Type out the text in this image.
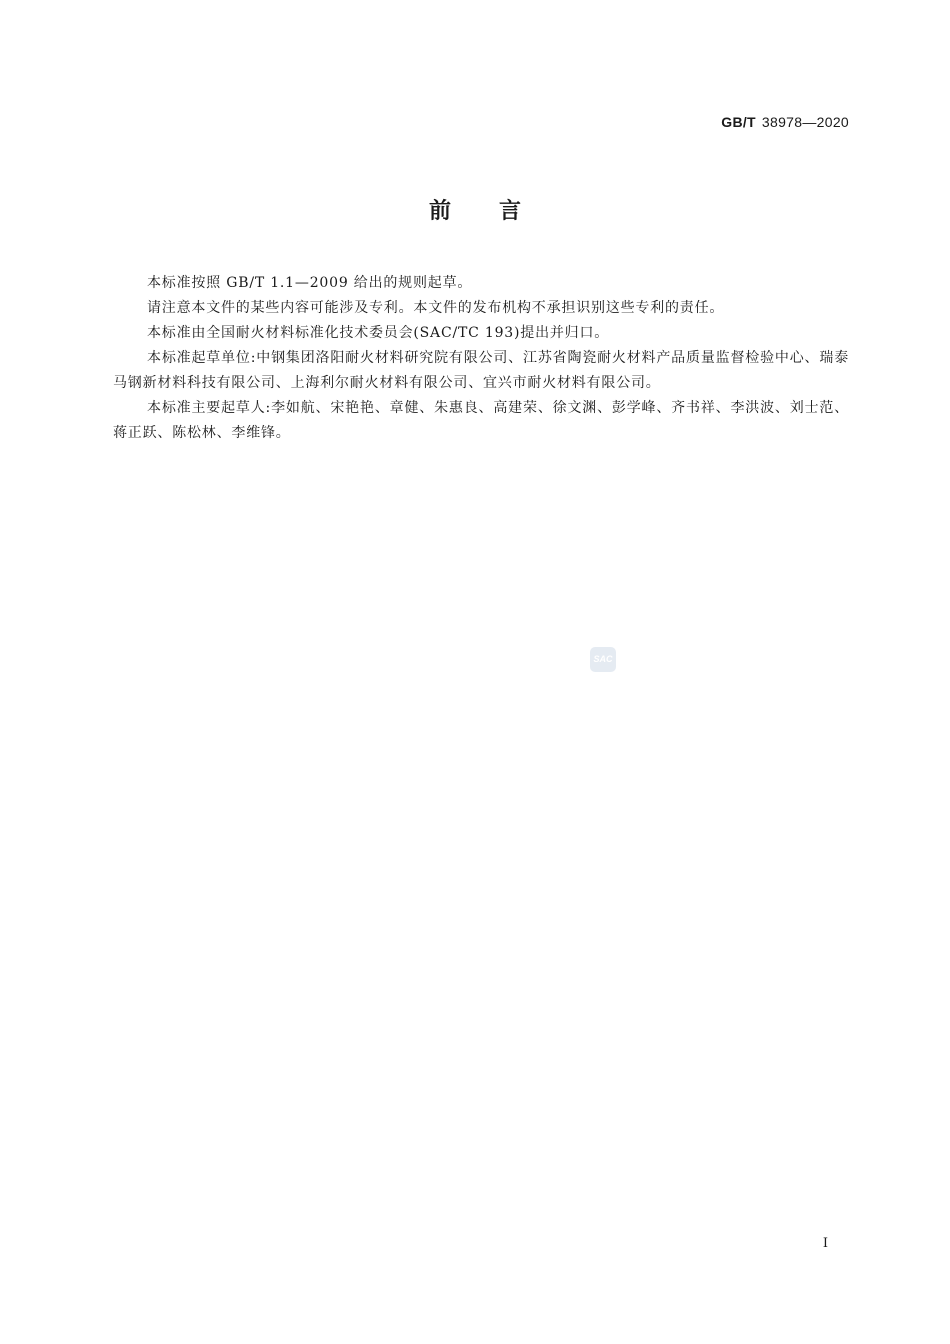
GB/T 38978—2020
前言

本标准按照 GB/T 1.1—2009 给出的规则起草。

请注意本文件的某些内容可能涉及专利。本文件的发布机构不承担识别这些专利的责任。

本标准由全国耐火材料标准化技术委员会(SAC/TC 193)提出并归口。

本标准起草单位:中钢集团洛阳耐火材料研究院有限公司、江苏省陶瓷耐火材料产品质量监督检验中心、瑞泰马钢新材料科技有限公司、上海利尔耐火材料有限公司、宜兴市耐火材料有限公司。

本标准主要起草人:李如航、宋艳艳、章健、朱惠良、高建荣、徐文渊、彭学峰、齐书祥、李洪波、刘士范、蒋正跃、陈松林、李维锋。

SAC
I
